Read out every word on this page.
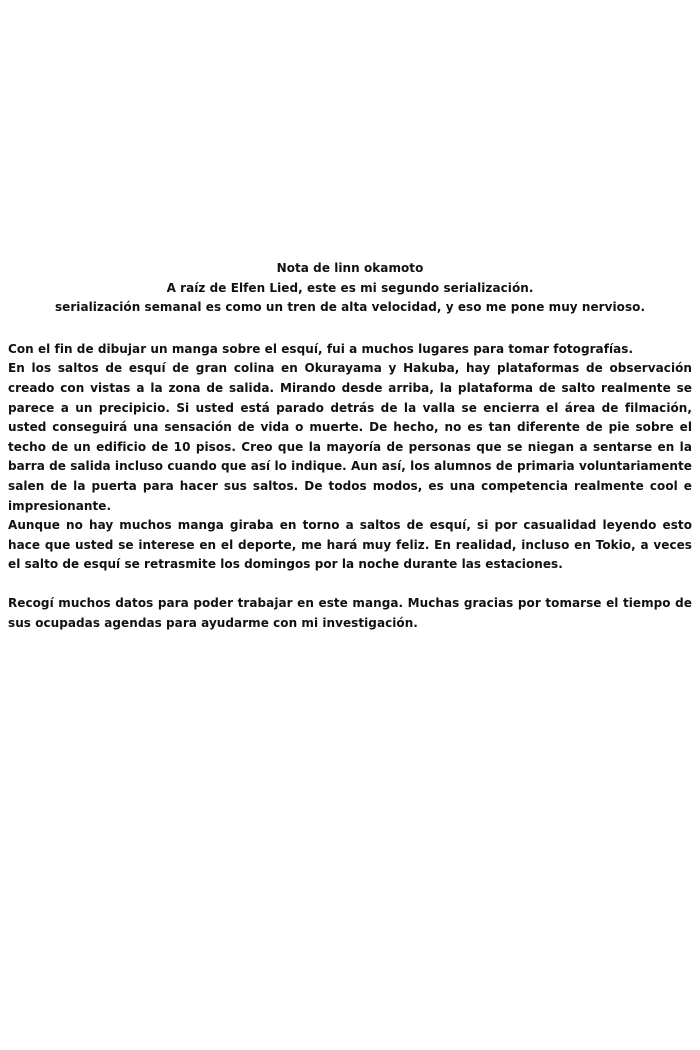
Nota de linn okamoto
A raíz de Elfen Lied, este es mi segundo serialización.
serialización semanal es como un tren de alta velocidad, y eso me pone muy nervioso.

Con el fin de dibujar un manga sobre el esquí, fui a muchos lugares para tomar fotografías.

En los saltos de esquí de gran colina en Okurayama y Hakuba, hay plataformas de observación creado con vistas a la zona de salida. Mirando desde arriba, la plataforma de salto realmente se parece a un precipicio. Si usted está parado detrás de la valla se encierra el área de filmación, usted conseguirá una sensación de vida o muerte. De hecho, no es tan diferente de pie sobre el techo de un edificio de 10 pisos. Creo que la mayoría de personas que se niegan a sentarse en la barra de salida incluso cuando que así lo indique. Aun así, los alumnos de primaria voluntariamente salen de la puerta para hacer sus saltos. De todos modos, es una competencia realmente cool e impresionante.

Aunque no hay muchos manga giraba en torno a saltos de esquí, si por casualidad leyendo esto hace que usted se interese en el deporte, me hará muy feliz. En realidad, incluso en Tokio, a veces el salto de esquí se retrasmite los domingos por la noche durante las estaciones.

Recogí muchos datos para poder trabajar en este manga. Muchas gracias por tomarse el tiempo de sus ocupadas agendas para ayudarme con mi investigación.
